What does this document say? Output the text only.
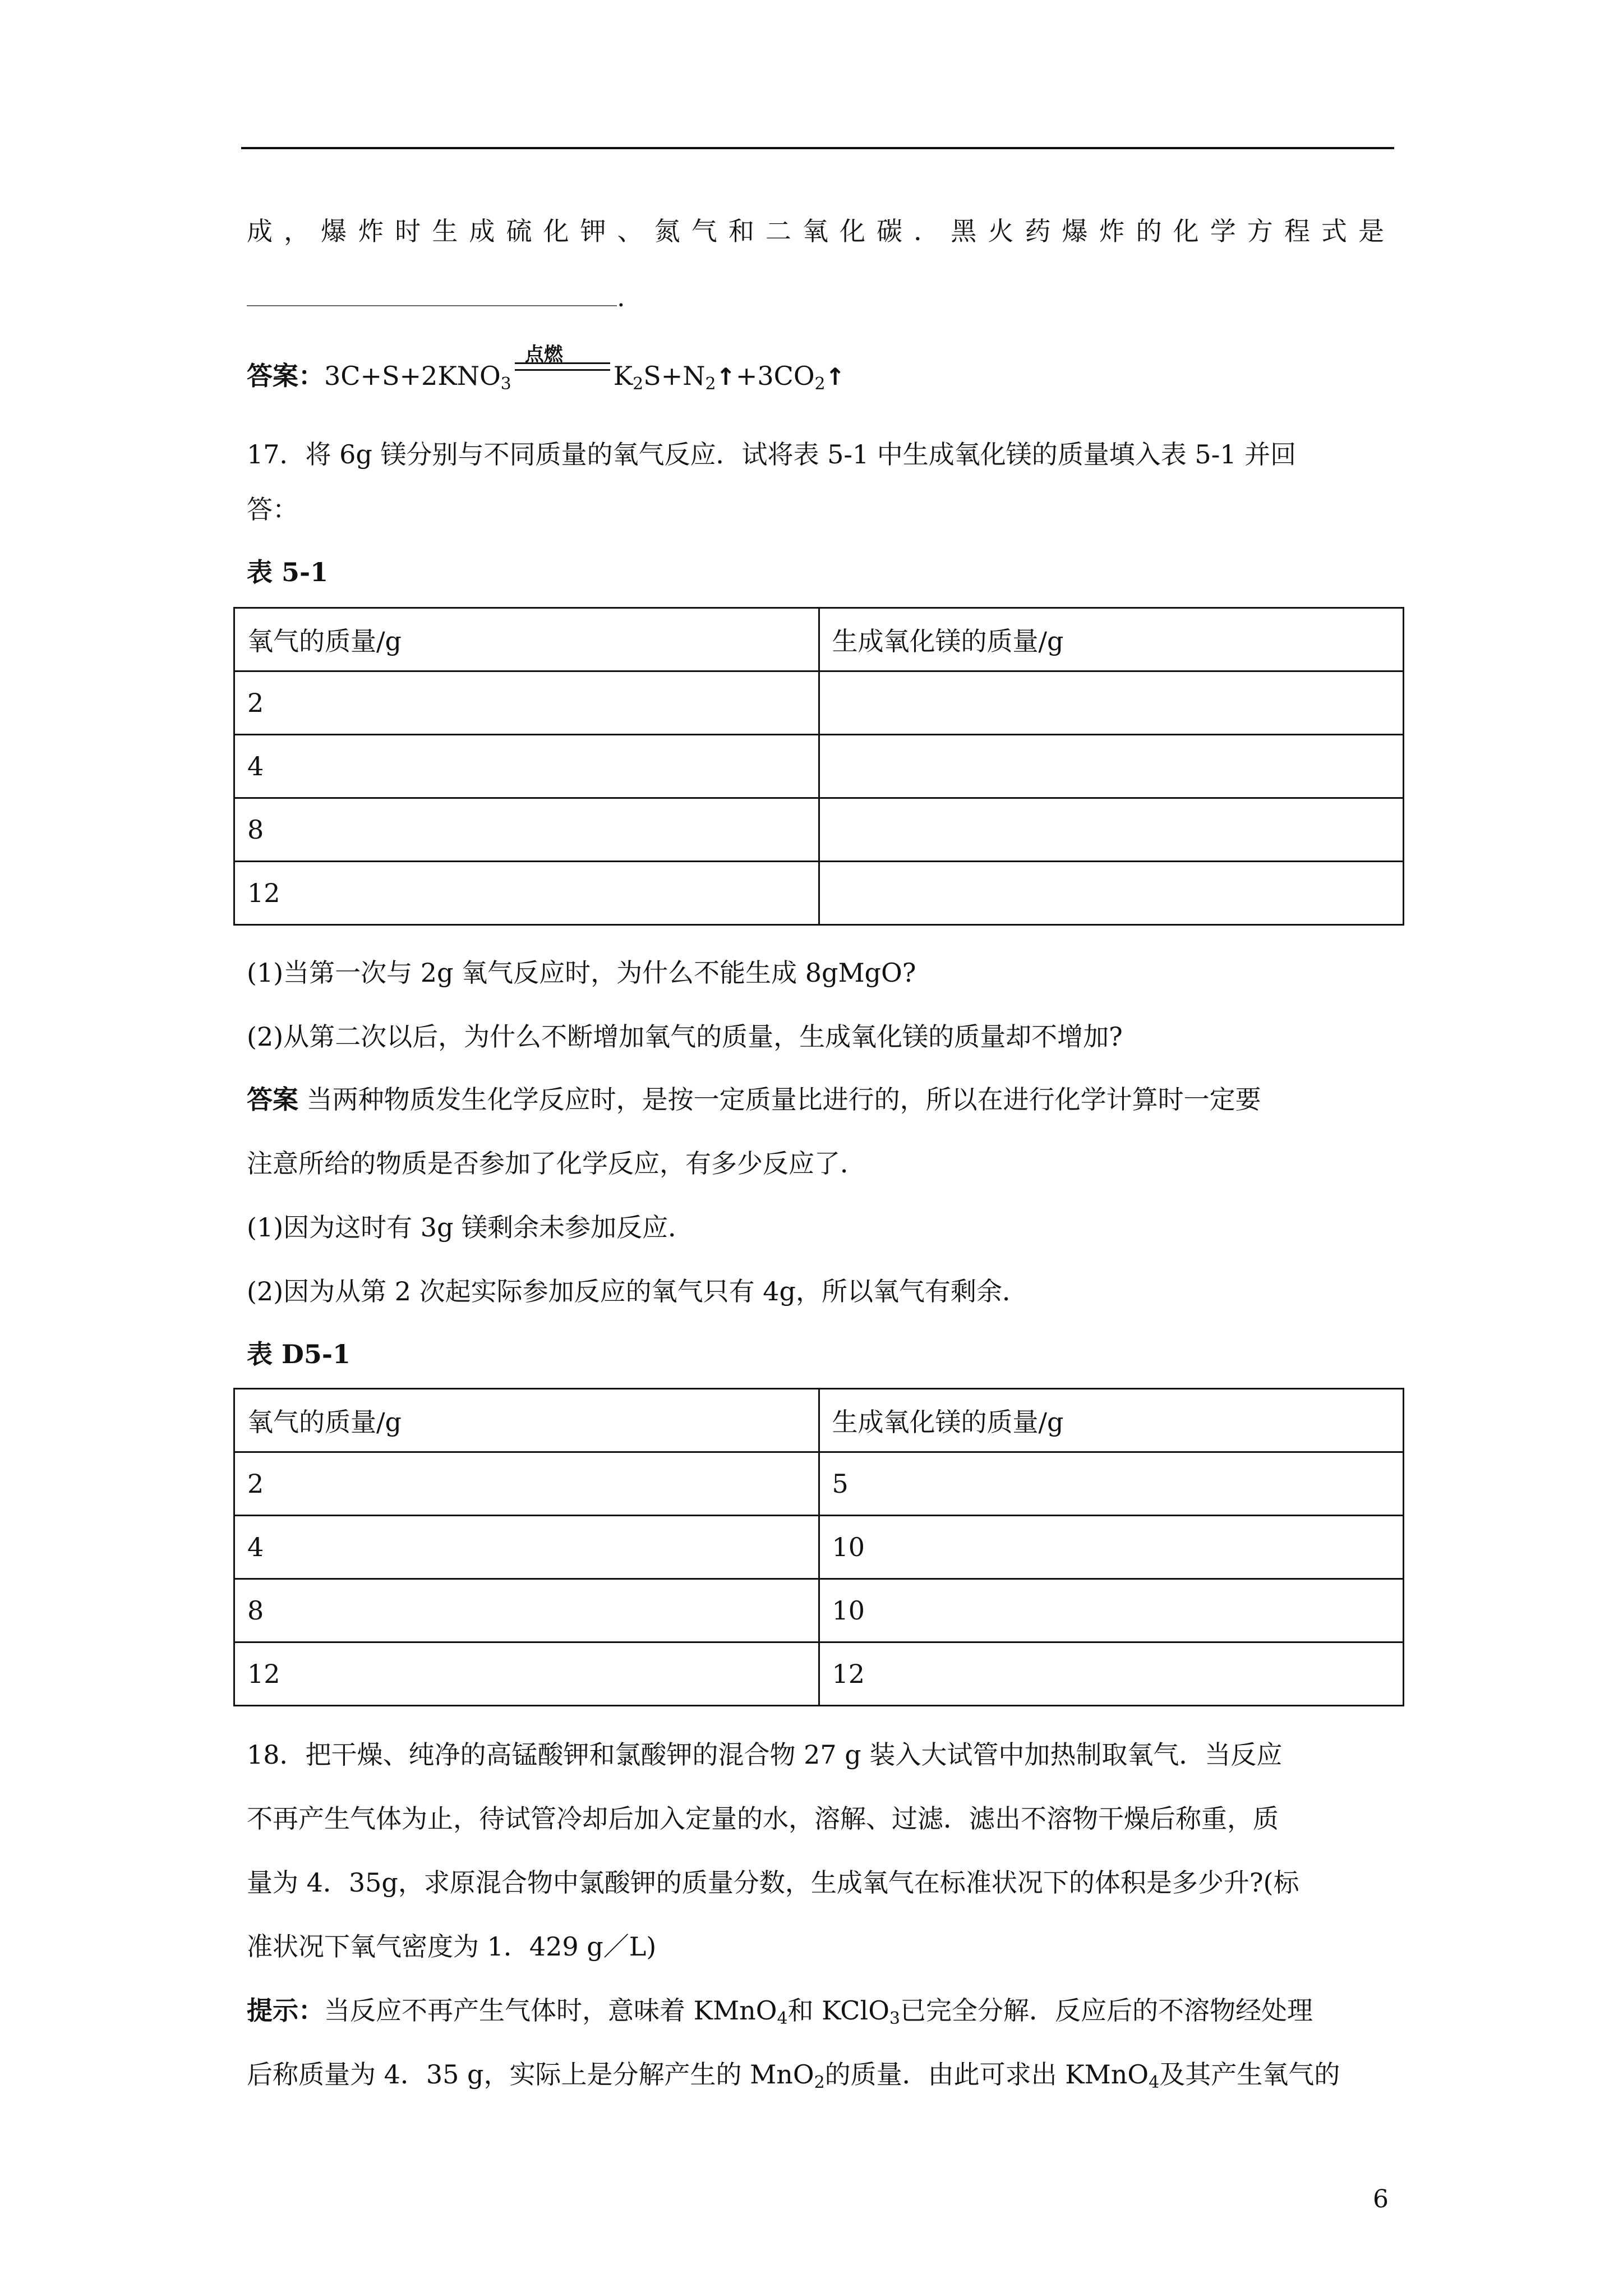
成，爆炸时生成硫化钾、氮气和二氧化碳．黑火药爆炸的化学方程式是
.
答案：$3C+S+2KNO_3$
点燃
$K_2S+N_2↑+3CO_2↑$
17．将 6g 镁分别与不同质量的氧气反应．试将表 5-1 中生成氧化镁的质量填入表 5-1 并回
答：
表 5-1
氧气的质量/g	生成氧化镁的质量/g
2	
4	
8	
12	
(1)当第一次与 2g 氧气反应时，为什么不能生成 8gMgO?
(2)从第二次以后，为什么不断增加氧气的质量，生成氧化镁的质量却不增加?
答案 当两种物质发生化学反应时，是按一定质量比进行的，所以在进行化学计算时一定要
注意所给的物质是否参加了化学反应，有多少反应了．
(1)因为这时有 3g 镁剩余未参加反应．
(2)因为从第 2 次起实际参加反应的氧气只有 4g，所以氧气有剩余．
表 D5-1
氧气的质量/g	生成氧化镁的质量/g
2	5
4	10
8	10
12	12
18．把干燥、纯净的高锰酸钾和氯酸钾的混合物 27 g 装入大试管中加热制取氧气．当反应
不再产生气体为止，待试管冷却后加入定量的水，溶解、过滤．滤出不溶物干燥后称重，质
量为 4．35g，求原混合物中氯酸钾的质量分数，生成氧气在标准状况下的体积是多少升?(标
准状况下氧气密度为 1．429 g／L)
提示：当反应不再产生气体时，意味着 KMnO$_4$和 KClO$_3$已完全分解．反应后的不溶物经处理
后称质量为 4．35 g，实际上是分解产生的 MnO$_2$的质量．由此可求出 KMnO$_4$及其产生氧气的
6
